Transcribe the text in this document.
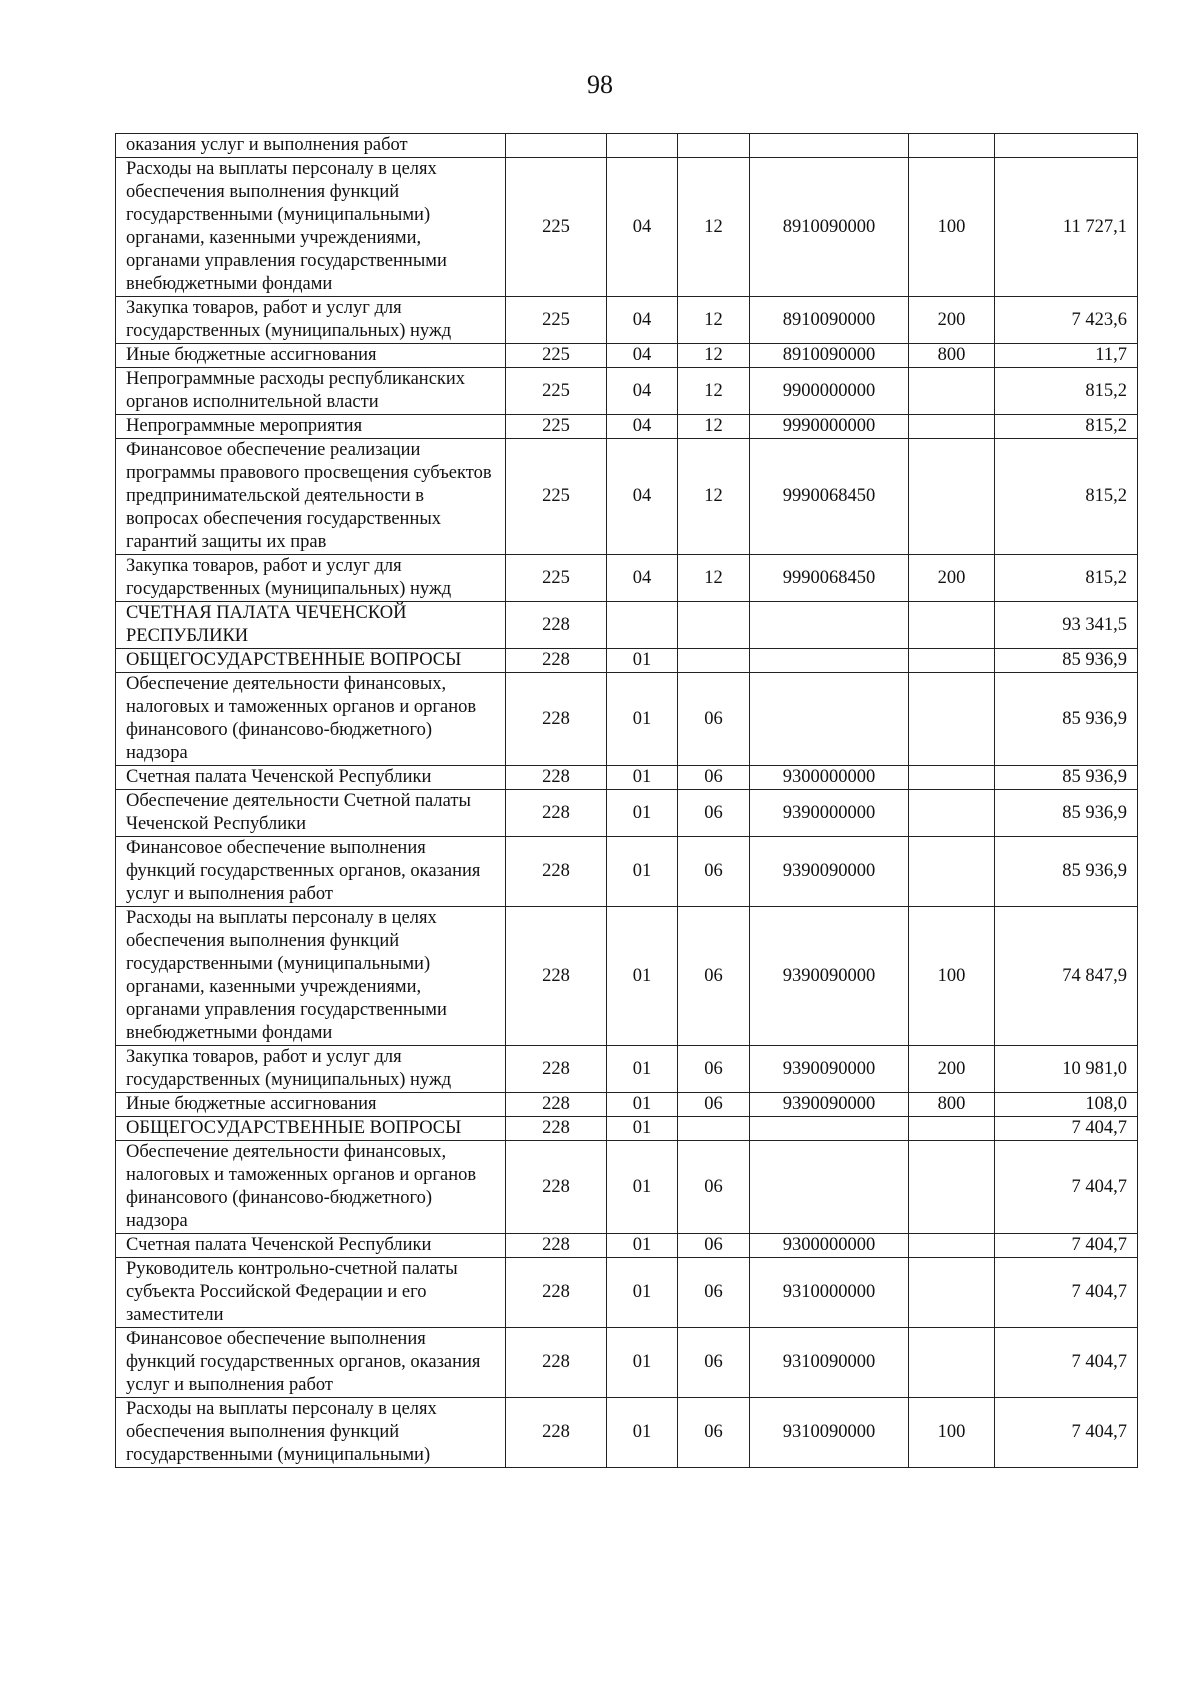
98
оказания услуг и выполнения работ						
Расходы на выплаты персоналу в целях обеспечения выполнения функций государственными (муниципальными) органами, казенными учреждениями, органами управления государственными внебюджетными фондами	225	04	12	8910090000	100	11 727,1
Закупка товаров, работ и услуг для государственных (муниципальных) нужд	225	04	12	8910090000	200	7 423,6
Иные бюджетные ассигнования	225	04	12	8910090000	800	11,7
Непрограммные расходы республиканских органов исполнительной власти	225	04	12	9900000000		815,2
Непрограммные мероприятия	225	04	12	9990000000		815,2
Финансовое обеспечение реализации программы правового просвещения субъектов предпринимательской деятельности в вопросах обеспечения государственных гарантий защиты их прав	225	04	12	9990068450		815,2
Закупка товаров, работ и услуг для государственных (муниципальных) нужд	225	04	12	9990068450	200	815,2
СЧЕТНАЯ ПАЛАТА ЧЕЧЕНСКОЙ РЕСПУБЛИКИ	228					93 341,5
ОБЩЕГОСУДАРСТВЕННЫЕ ВОПРОСЫ	228	01				85 936,9
Обеспечение деятельности финансовых, налоговых и таможенных органов и органов финансового (финансово-бюджетного) надзора	228	01	06			85 936,9
Счетная палата Чеченской Республики	228	01	06	9300000000		85 936,9
Обеспечение деятельности Счетной палаты Чеченской Республики	228	01	06	9390000000		85 936,9
Финансовое обеспечение выполнения функций государственных органов, оказания услуг и выполнения работ	228	01	06	9390090000		85 936,9
Расходы на выплаты персоналу в целях обеспечения выполнения функций государственными (муниципальными) органами, казенными учреждениями, органами управления государственными внебюджетными фондами	228	01	06	9390090000	100	74 847,9
Закупка товаров, работ и услуг для государственных (муниципальных) нужд	228	01	06	9390090000	200	10 981,0
Иные бюджетные ассигнования	228	01	06	9390090000	800	108,0
ОБЩЕГОСУДАРСТВЕННЫЕ ВОПРОСЫ	228	01				7 404,7
Обеспечение деятельности финансовых, налоговых и таможенных органов и органов финансового (финансово-бюджетного) надзора	228	01	06			7 404,7
Счетная палата Чеченской Республики	228	01	06	9300000000		7 404,7
Руководитель контрольно-счетной палаты субъекта Российской Федерации и его заместители	228	01	06	9310000000		7 404,7
Финансовое обеспечение выполнения функций государственных органов, оказания услуг и выполнения работ	228	01	06	9310090000		7 404,7
Расходы на выплаты персоналу в целях обеспечения выполнения функций государственными (муниципальными)	228	01	06	9310090000	100	7 404,7
